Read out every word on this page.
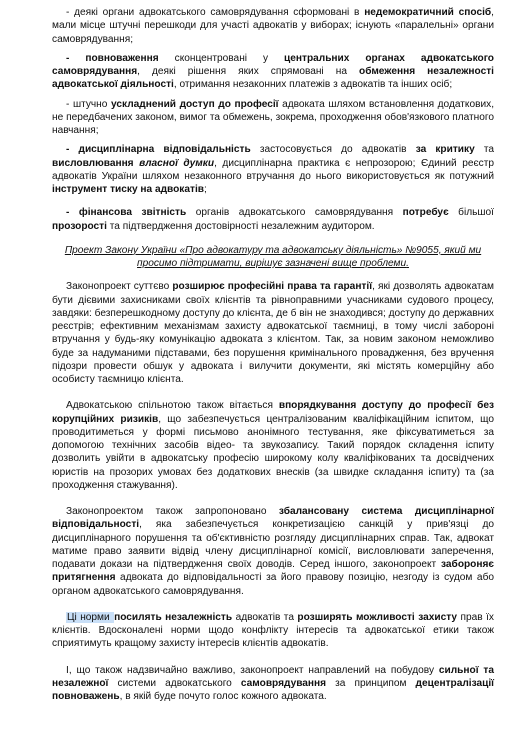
- деякі органи адвокатського самоврядування сформовані в недемократичний спосіб, мали місце штучні перешкоди для участі адвокатів у виборах; існують «паралельні» органи самоврядування;

- повноваження сконцентровані у центральних органах адвокатського самоврядування, деякі рішення яких спрямовані на обмеження незалежності адвокатської діяльності, отримання незаконних платежів з адвокатів та інших осіб;

- штучно ускладнений доступ до професії адвоката шляхом встановлення додаткових, не передбачених законом, вимог та обмежень, зокрема, проходження обов'язкового платного навчання;

- дисциплінарна відповідальність застосовується до адвокатів за критику та висловлювання власної думки, дисциплінарна практика є непрозорою; Єдиний реєстр адвокатів України шляхом незаконного втручання до нього використовується як потужний інструмент тиску на адвокатів;

- фінансова звітність органів адвокатського самоврядування потребує більшої прозорості та підтвердження достовірності незалежним аудитором.

Проект Закону України «Про адвокатуру та адвокатську діяльність» №9055, який ми просимо підтримати, вирішує зазначені вище проблеми.

Законопроект суттєво розширює професійні права та гарантії, які дозволять адвокатам бути дієвими захисниками своїх клієнтів та рівноправними учасниками судового процесу, завдяки: безперешкодному доступу до клієнта, де б він не знаходився; доступу до державних реєстрів; ефективним механізмам захисту адвокатської таємниці, в тому числі забороні втручання у будь-яку комунікацію адвоката з клієнтом. Так, за новим законом неможливо буде за надуманими підставами, без порушення кримінального провадження, без вручення підозри провести обшук у адвоката і вилучити документи, які містять комерційну або особисту таємницю клієнта.

Адвокатською спільнотою також вітається впорядкування доступу до професії без корупційних ризиків, що забезпечується централізованим кваліфікаційним іспитом, що проводитиметься у формі письмово анонімного тестування, яке фіксуватиметься за допомогою технічних засобів відео- та звукозапису. Такий порядок складення іспиту дозволить увійти в адвокатську професію широкому колу кваліфікованих та досвідчених юристів на прозорих умовах без додаткових внесків (за швидке складання іспиту) та (за проходження стажування).

Законопроектом також запропоновано збалансовану система дисциплінарної відповідальності, яка забезпечується конкретизацією санкцій у прив'язці до дисциплінарного порушення та об'єктивністю розгляду дисциплінарних справ. Так, адвокат матиме право заявити відвід члену дисциплінарної комісії, висловлювати заперечення, подавати докази на підтвердження своїх доводів. Серед іншого, законопроект забороняє притягнення адвоката до відповідальності за його правову позицію, незгоду із судом або органом адвокатського самоврядування.

Ці норми посилять незалежність адвокатів та розширять можливості захисту прав їх клієнтів. Вдосконалені норми щодо конфлікту інтересів та адвокатської етики також сприятимуть кращому захисту інтересів клієнтів адвокатів.

І, що також надзвичайно важливо, законопроект направлений на побудову сильної та незалежної системи адвокатського самоврядування за принципом децентралізації повноважень, в якій буде почуто голос кожного адвоката.
